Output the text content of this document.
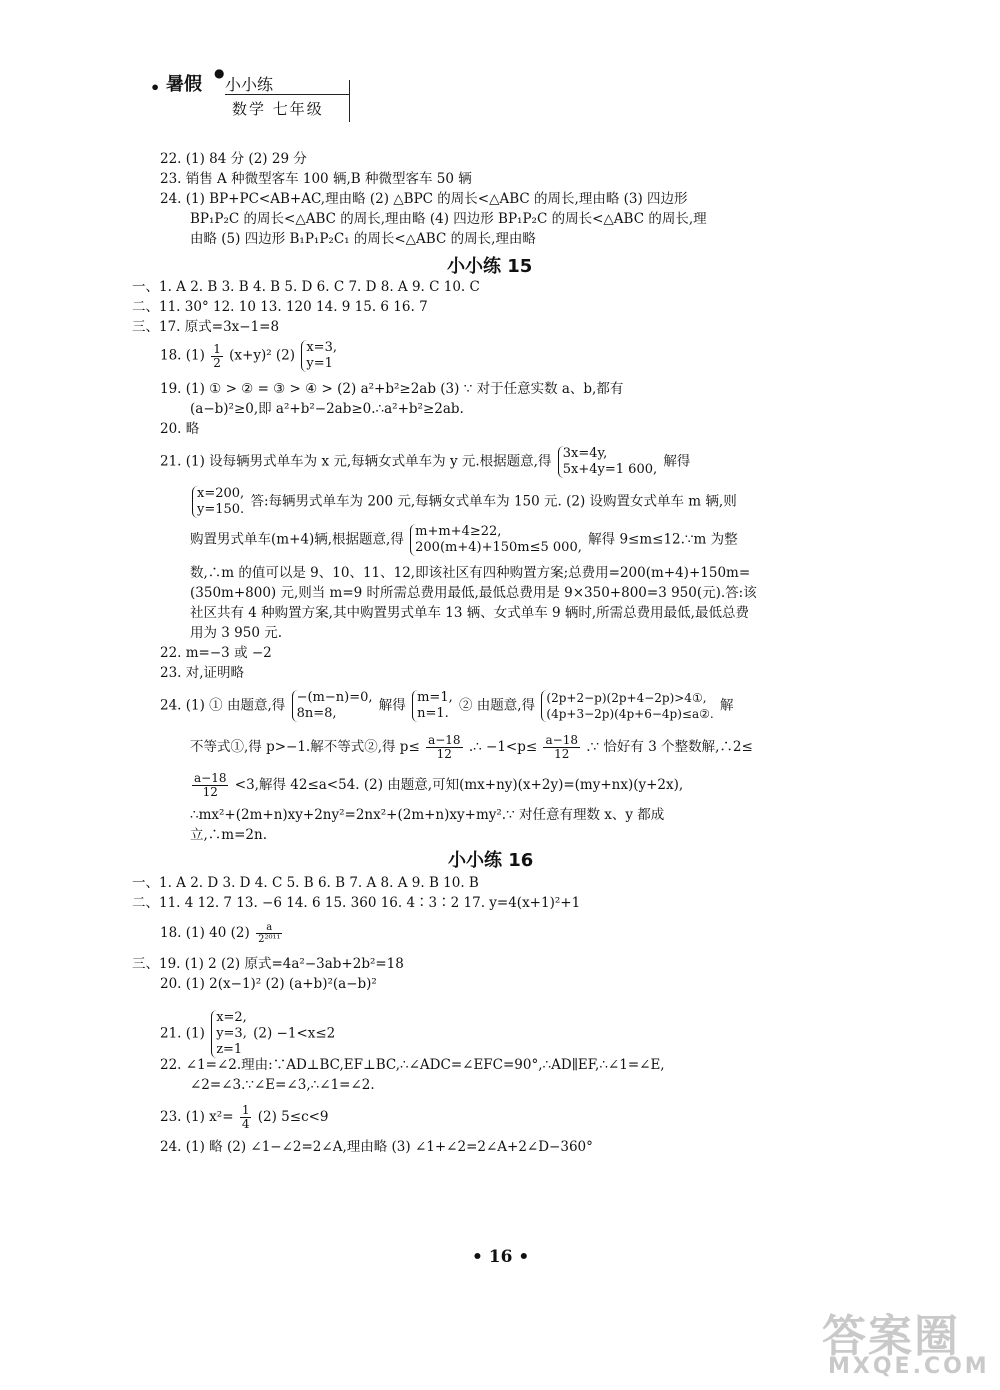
• 暑假
●
小小练
数学 七年级
22. (1) 84 分 (2) 29 分
23. 销售 A 种微型客车 100 辆,B 种微型客车 50 辆
24. (1) BP+PC<AB+AC,理由略 (2) △BPC 的周长<△ABC 的周长,理由略 (3) 四边形
BP₁P₂C 的周长<△ABC 的周长,理由略 (4) 四边形 BP₁P₂C 的周长<△ABC 的周长,理
由略 (5) 四边形 B₁P₁P₂C₁ 的周长<△ABC 的周长,理由略
小小练 15
一、1. A 2. B 3. B 4. B 5. D 6. C 7. D 8. A 9. C 10. C
二、11. 30° 12. 10 13. 120 14. 9 15. 6 16. 7
三、17. 原式=3x−1=8
18. $(1) \frac{1}{2} (x+y)^2$ (2) x=3,
y=1
19. (1) ① > ② = ③ > ④ > (2) a²+b²≥2ab (3) ∵ 对于任意实数 a、b,都有
(a−b)²≥0,即 a²+b²−2ab≥0.∴a²+b²≥2ab.
20. 略
21. (1) 设每辆男式单车为 x 元,每辆女式单车为 y 元.根据题意,得 3x=4y,
5x+4y=1 600, 解得
x=200,
y=150. 答:每辆男式单车为 200 元,每辆女式单车为 150 元. (2) 设购置女式单车 m 辆,则
购置男式单车(m+4)辆,根据题意,得 m+m+4≥22,
200(m+4)+150m≤5 000, 解得 9≤m≤12.∵m 为整
数,∴m 的值可以是 9、10、11、12,即该社区有四种购置方案;总费用=200(m+4)+150m=
(350m+800) 元,则当 m=9 时所需总费用最低,最低总费用是 9×350+800=3 950(元).答:该
社区共有 4 种购置方案,其中购置男式单车 13 辆、女式单车 9 辆时,所需总费用最低,最低总费
用为 3 950 元.
22. m=−3 或 −2
23. 对,证明略
24. (1) ① 由题意,得 −(m−n)=0,
8n=8,	解得 m=1,
n=1. ② 由题意,得 (2p+2−p)(2p+4−2p)>4①,
(4p+3−2p)(4p+6−4p)≤a②.
解
不等式①,得 p>−1.解不等式②,得 $p\le \frac{a-18}{12}$ .∴ $-1<p\le \frac{a-18}{12}$ .∵ 恰好有 3 个整数解,∴2≤
$\frac{a-18}{12} <3$,解得 42≤a<54. (2) 由题意,可知(mx+ny)(x+2y)=(my+nx)(y+2x),
∴mx²+(2m+n)xy+2ny²=2nx²+(2m+n)xy+my².∵ 对任意有理数 x、y 都成
立,∴m=2n.
小小练 16
一、1. A 2. D 3. D 4. C 5. B 6. B 7. A 8. A 9. B 10. B
二、11. 4 12. 7 13. −6 14. 6 15. 360 16. 4∶3∶2 17. y=4(x+1)²+1
18. (1) 40 $(2) \frac{a}{\text{2²⁰¹¹}}$
三、19. (1) 2 (2) 原式=4a²−3ab+2b²=18
20. (1) 2(x−1)² (2) (a+b)²(a−b)²
21. (1)
x=2,
y=3,
z=1
(2) −1<x≤2
22. ∠1=∠2.理由:∵AD⊥BC,EF⊥BC,∴∠ADC=∠EFC=90°,∴AD∥EF,∴∠1=∠E,
∠2=∠3.∵∠E=∠3,∴∠1=∠2.
23. (1) $x^2= \frac{1}{4} (2)$ 5≤c<9
24. (1) 略 (2) ∠1−∠2=2∠A,理由略 (3) ∠1+∠2=2∠A+2∠D−360°
• 16 •
答案圈
MXQE.COM
